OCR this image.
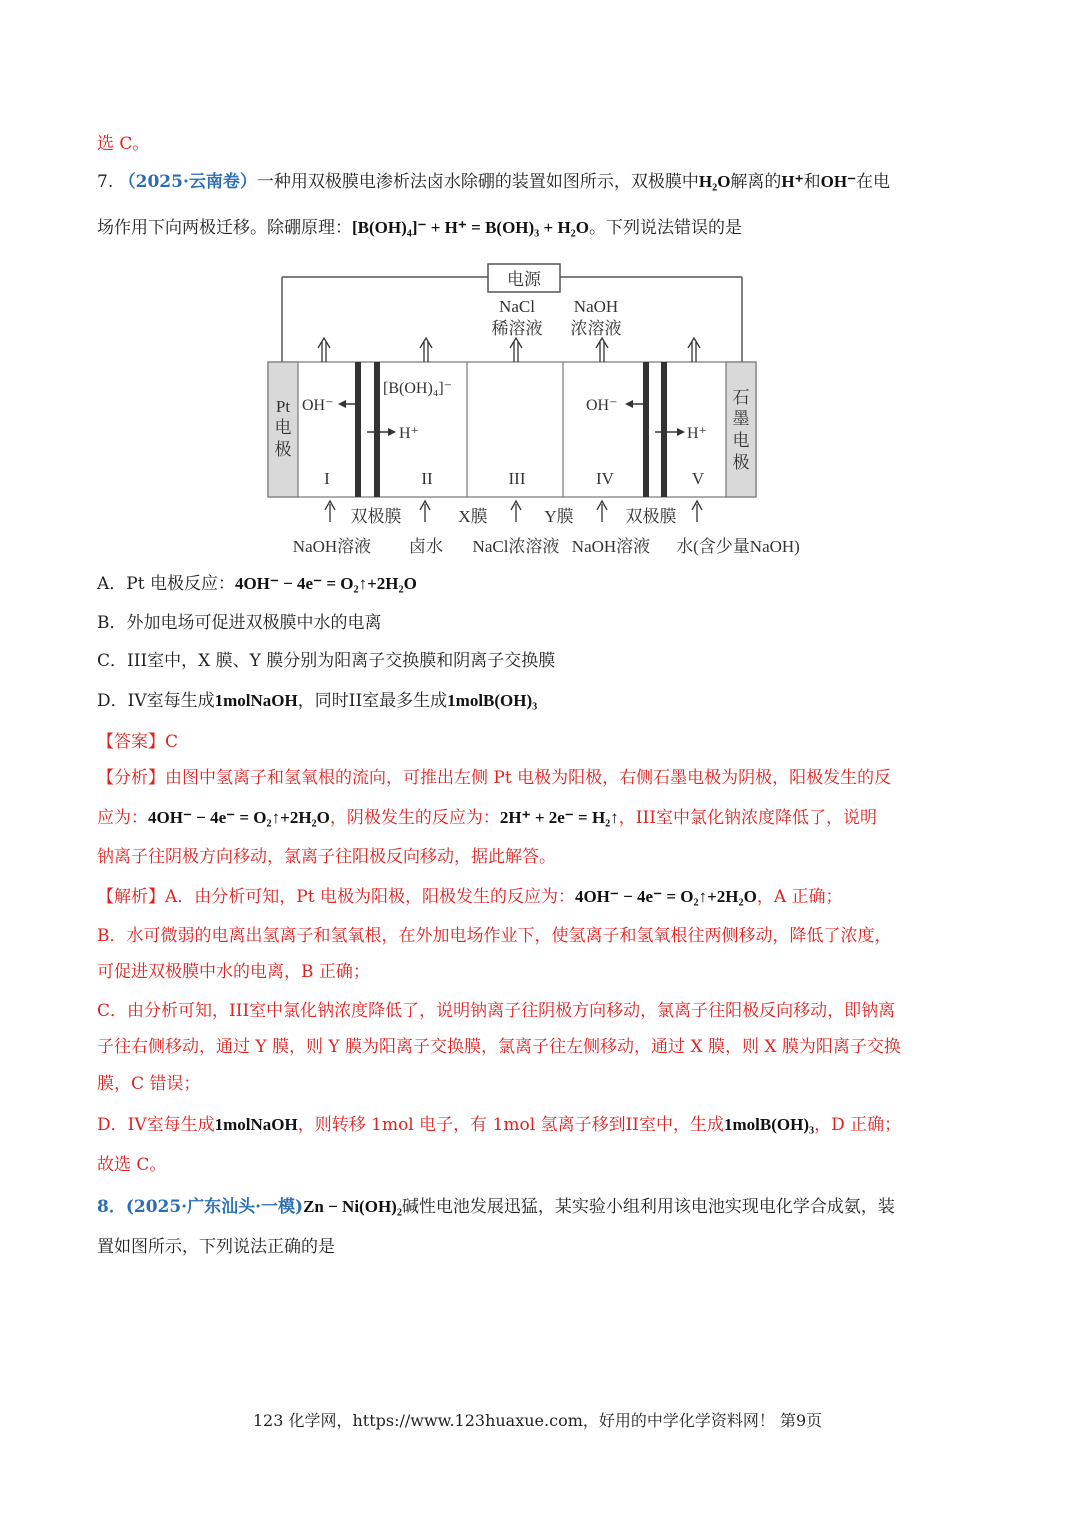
选 C。
7. （2025·云南卷）一种用双极膜电渗析法卤水除硼的装置如图所示，双极膜中H₂O解离的H⁺和OH⁻在电
场作用下向两极迁移。除硼原理：[B(OH)₄]⁻ + H⁺ = B(OH)₃ + H₂O。下列说法错误的是
电源
NaCl
稀溶液
NaOH
浓溶液
Pt
电
极
石
墨
电
极
OH⁻
[B(OH)₄]⁻
H⁺
OH⁻
H⁺
I	II	III	IV	V
双极膜	X膜	Y膜	双极膜
NaOH溶液 卤水 NaCl浓溶液 NaOH溶液 水(含少量NaOH)
A．Pt 电极反应：4OH⁻ − 4e⁻ = O₂↑+2H₂O
B．外加电场可促进双极膜中水的电离
C．III室中，X 膜、Y 膜分别为阳离子交换膜和阴离子交换膜
D．IV室每生成1molNaOH，同时II室最多生成1molB(OH)₃
【答案】C
【分析】由图中氢离子和氢氧根的流向，可推出左侧 Pt 电极为阳极，右侧石墨电极为阴极，阳极发生的反
应为：4OH⁻ − 4e⁻ = O₂↑+2H₂O，阴极发生的反应为：2H⁺ + 2e⁻ = H₂↑，III室中氯化钠浓度降低了，说明
钠离子往阴极方向移动，氯离子往阳极反向移动，据此解答。
【解析】A．由分析可知，Pt 电极为阳极，阳极发生的反应为：4OH⁻ − 4e⁻ = O₂↑+2H₂O，A 正确；
B．水可微弱的电离出氢离子和氢氧根，在外加电场作业下，使氢离子和氢氧根往两侧移动，降低了浓度，
可促进双极膜中水的电离，B 正确；
C．由分析可知，III室中氯化钠浓度降低了，说明钠离子往阴极方向移动，氯离子往阳极反向移动，即钠离
子往右侧移动，通过 Y 膜，则 Y 膜为阳离子交换膜，氯离子往左侧移动，通过 X 膜，则 X 膜为阳离子交换
膜，C 错误；
D．IV室每生成1molNaOH，则转移 1mol 电子，有 1mol 氢离子移到II室中，生成1molB(OH)₃，D 正确；
故选 C。
8．(2025·广东汕头·一模)Zn − Ni(OH)₂碱性电池发展迅猛，某实验小组利用该电池实现电化学合成氨，装
置如图所示，下列说法正确的是
123 化学网，https://www.123huaxue.com，好用的中学化学资料网！ 第9页
